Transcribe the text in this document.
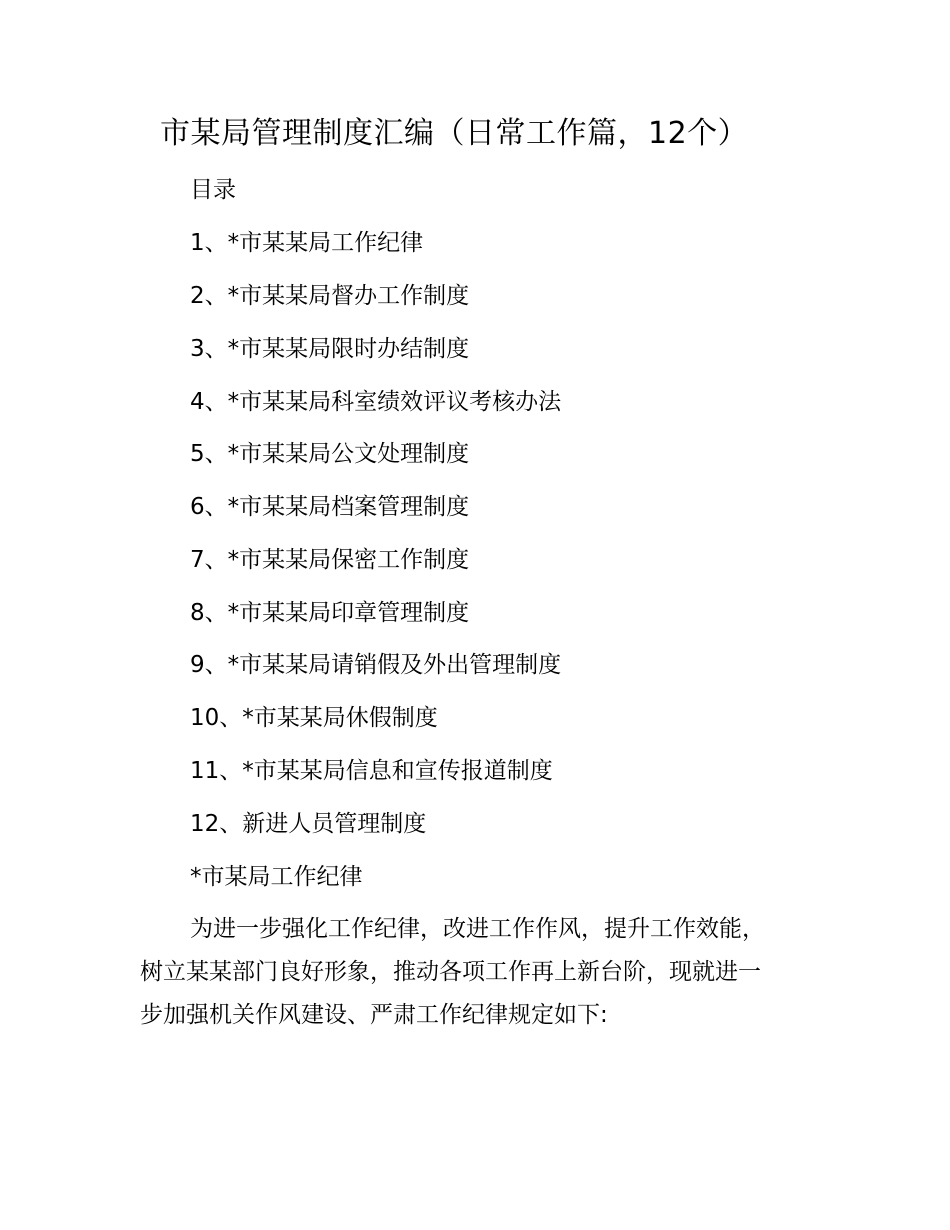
市某局管理制度汇编（日常工作篇，12个）
目录
1、*市某某局工作纪律
2、*市某某局督办工作制度
3、*市某某局限时办结制度
4、*市某某局科室绩效评议考核办法
5、*市某某局公文处理制度
6、*市某某局档案管理制度
7、*市某某局保密工作制度
8、*市某某局印章管理制度
9、*市某某局请销假及外出管理制度
10、*市某某局休假制度
11、*市某某局信息和宣传报道制度
12、新进人员管理制度
*市某局工作纪律
为进一步强化工作纪律，改进工作作风，提升工作效能，
树立某某部门良好形象，推动各项工作再上新台阶，现就进一
步加强机关作风建设、严肃工作纪律规定如下:
